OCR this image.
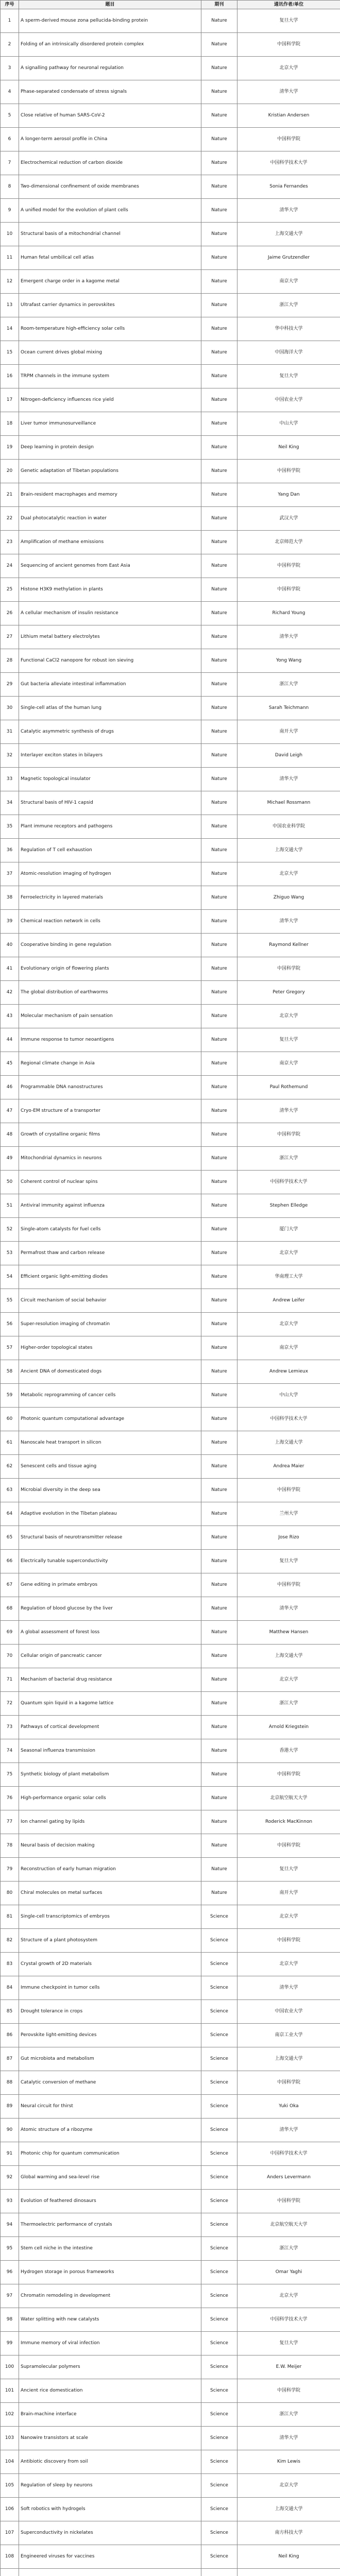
序号	题目	期刊	通讯作者/单位
1	A sperm-derived mouse zona pellucida-binding protein	Nature	复旦大学
2	Folding of an intrinsically disordered protein complex	Nature	中国科学院
3	A signalling pathway for neuronal regulation	Nature	北京大学
4	Phase-separated condensate of stress signals	Nature	清华大学
5	Close relative of human SARS-CoV-2	Nature	Kristian Andersen
6	A longer-term aerosol profile in China	Nature	中国科学院
7	Electrochemical reduction of carbon dioxide	Nature	中国科学技术大学
8	Two-dimensional confinement of oxide membranes	Nature	Sonia Fernandes
9	A unified model for the evolution of plant cells	Nature	清华大学
10	Structural basis of a mitochondrial channel	Nature	上海交通大学
11	Human fetal umbilical cell atlas	Nature	Jaime Grutzendler
12	Emergent charge order in a kagome metal	Nature	南京大学
13	Ultrafast carrier dynamics in perovskites	Nature	浙江大学
14	Room-temperature high-efficiency solar cells	Nature	华中科技大学
15	Ocean current drives global mixing	Nature	中国海洋大学
16	TRPM channels in the immune system	Nature	复旦大学
17	Nitrogen-deficiency influences rice yield	Nature	中国农业大学
18	Liver tumor immunosurveillance	Nature	中山大学
19	Deep learning in protein design	Nature	Neil King
20	Genetic adaptation of Tibetan populations	Nature	中国科学院
21	Brain-resident macrophages and memory	Nature	Yang Dan
22	Dual photocatalytic reaction in water	Nature	武汉大学
23	Amplification of methane emissions	Nature	北京师范大学
24	Sequencing of ancient genomes from East Asia	Nature	中国科学院
25	Histone H3K9 methylation in plants	Nature	中国科学院
26	A cellular mechanism of insulin resistance	Nature	Richard Young
27	Lithium metal battery electrolytes	Nature	清华大学
28	Functional CaCl2 nanopore for robust ion sieving	Nature	Yong Wang
29	Gut bacteria alleviate intestinal inflammation	Nature	浙江大学
30	Single-cell atlas of the human lung	Nature	Sarah Teichmann
31	Catalytic asymmetric synthesis of drugs	Nature	南开大学
32	Interlayer exciton states in bilayers	Nature	David Leigh
33	Magnetic topological insulator	Nature	清华大学
34	Structural basis of HIV-1 capsid	Nature	Michael Rossmann
35	Plant immune receptors and pathogens	Nature	中国农业科学院
36	Regulation of T cell exhaustion	Nature	上海交通大学
37	Atomic-resolution imaging of hydrogen	Nature	北京大学
38	Ferroelectricity in layered materials	Nature	Zhiguo Wang
39	Chemical reaction network in cells	Nature	清华大学
40	Cooperative binding in gene regulation	Nature	Raymond Kellner
41	Evolutionary origin of flowering plants	Nature	中国科学院
42	The global distribution of earthworms	Nature	Peter Gregory
43	Molecular mechanism of pain sensation	Nature	北京大学
44	Immune response to tumor neoantigens	Nature	复旦大学
45	Regional climate change in Asia	Nature	南京大学
46	Programmable DNA nanostructures	Nature	Paul Rothemund
47	Cryo-EM structure of a transporter	Nature	清华大学
48	Growth of crystalline organic films	Nature	中国科学院
49	Mitochondrial dynamics in neurons	Nature	浙江大学
50	Coherent control of nuclear spins	Nature	中国科学技术大学
51	Antiviral immunity against influenza	Nature	Stephen Elledge
52	Single-atom catalysts for fuel cells	Nature	厦门大学
53	Permafrost thaw and carbon release	Nature	北京大学
54	Efficient organic light-emitting diodes	Nature	华南理工大学
55	Circuit mechanism of social behavior	Nature	Andrew Leifer
56	Super-resolution imaging of chromatin	Nature	北京大学
57	Higher-order topological states	Nature	南京大学
58	Ancient DNA of domesticated dogs	Nature	Andrew Lemieux
59	Metabolic reprogramming of cancer cells	Nature	中山大学
60	Photonic quantum computational advantage	Nature	中国科学技术大学
61	Nanoscale heat transport in silicon	Nature	上海交通大学
62	Senescent cells and tissue aging	Nature	Andrea Maier
63	Microbial diversity in the deep sea	Nature	中国科学院
64	Adaptive evolution in the Tibetan plateau	Nature	兰州大学
65	Structural basis of neurotransmitter release	Nature	Jose Rizo
66	Electrically tunable superconductivity	Nature	复旦大学
67	Gene editing in primate embryos	Nature	中国科学院
68	Regulation of blood glucose by the liver	Nature	清华大学
69	A global assessment of forest loss	Nature	Matthew Hansen
70	Cellular origin of pancreatic cancer	Nature	上海交通大学
71	Mechanism of bacterial drug resistance	Nature	北京大学
72	Quantum spin liquid in a kagome lattice	Nature	浙江大学
73	Pathways of cortical development	Nature	Arnold Kriegstein
74	Seasonal influenza transmission	Nature	香港大学
75	Synthetic biology of plant metabolism	Nature	中国科学院
76	High-performance organic solar cells	Nature	北京航空航天大学
77	Ion channel gating by lipids	Nature	Roderick MacKinnon
78	Neural basis of decision making	Nature	中国科学院
79	Reconstruction of early human migration	Nature	复旦大学
80	Chiral molecules on metal surfaces	Nature	南开大学
81	Single-cell transcriptomics of embryos	Science	北京大学
82	Structure of a plant photosystem	Science	中国科学院
83	Crystal growth of 2D materials	Science	北京大学
84	Immune checkpoint in tumor cells	Science	清华大学
85	Drought tolerance in crops	Science	中国农业大学
86	Perovskite light-emitting devices	Science	南京工业大学
87	Gut microbiota and metabolism	Science	上海交通大学
88	Catalytic conversion of methane	Science	中国科学院
89	Neural circuit for thirst	Science	Yuki Oka
90	Atomic structure of a ribozyme	Science	清华大学
91	Photonic chip for quantum communication	Science	中国科学技术大学
92	Global warming and sea-level rise	Science	Anders Levermann
93	Evolution of feathered dinosaurs	Science	中国科学院
94	Thermoelectric performance of crystals	Science	北京航空航天大学
95	Stem cell niche in the intestine	Science	浙江大学
96	Hydrogen storage in porous frameworks	Science	Omar Yaghi
97	Chromatin remodeling in development	Science	北京大学
98	Water splitting with new catalysts	Science	中国科学技术大学
99	Immune memory of viral infection	Science	复旦大学
100	Supramolecular polymers	Science	E.W. Meijer
101	Ancient rice domestication	Science	中国科学院
102	Brain-machine interface	Science	浙江大学
103	Nanowire transistors at scale	Science	清华大学
104	Antibiotic discovery from soil	Science	Kim Lewis
105	Regulation of sleep by neurons	Science	北京大学
106	Soft robotics with hydrogels	Science	上海交通大学
107	Superconductivity in nickelates	Science	南方科技大学
108	Engineered viruses for vaccines	Science	Neil King
